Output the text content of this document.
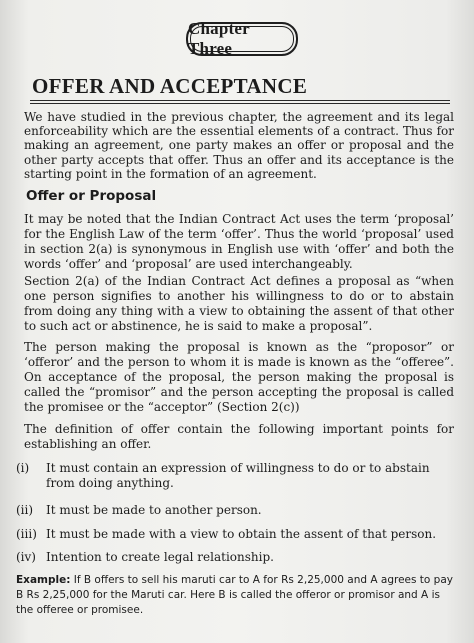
Chapter Three
OFFER AND ACCEPTANCE
We have studied in the previous chapter, the agreement and its legal enforceability which are the essential elements of a contract. Thus for making an agreement, one party makes an offer or proposal and the other party accepts that offer. Thus an offer and its acceptance is the starting point in the formation of an agreement.
Offer or Proposal
It may be noted that the Indian Contract Act uses the term ‘proposal’ for the English Law of the term ‘offer’. Thus the world ‘proposal’ used in section 2(a) is synonymous in English use with ‘offer’ and both the words ‘offer’ and ‘proposal’ are used interchangeably.
Section 2(a) of the Indian Contract Act defines a proposal as “when one person signifies to another his willingness to do or to abstain from doing any thing with a view to obtaining the assent of that other to such act or abstinence, he is said to make a proposal”.
The person making the proposal is known as the “proposor” or ‘offeror’ and the person to whom it is made is known as the “offeree”. On acceptance of the proposal, the person making the proposal is called the “promisor” and the person accepting the proposal is called the promisee or the “acceptor” (Section 2(c))
The definition of offer contain the following important points for establishing an offer.
(i) It must contain an expression of willingness to do or to abstain from doing anything.
(ii) It must be made to another person.
(iii) It must be made with a view to obtain the assent of that person.
(iv) Intention to create legal relationship.
Example: If B offers to sell his maruti car to A for Rs 2,25,000 and A agrees to pay B Rs 2,25,000 for the Maruti car. Here B is called the offeror or promisor and A is the offeree or promisee.
